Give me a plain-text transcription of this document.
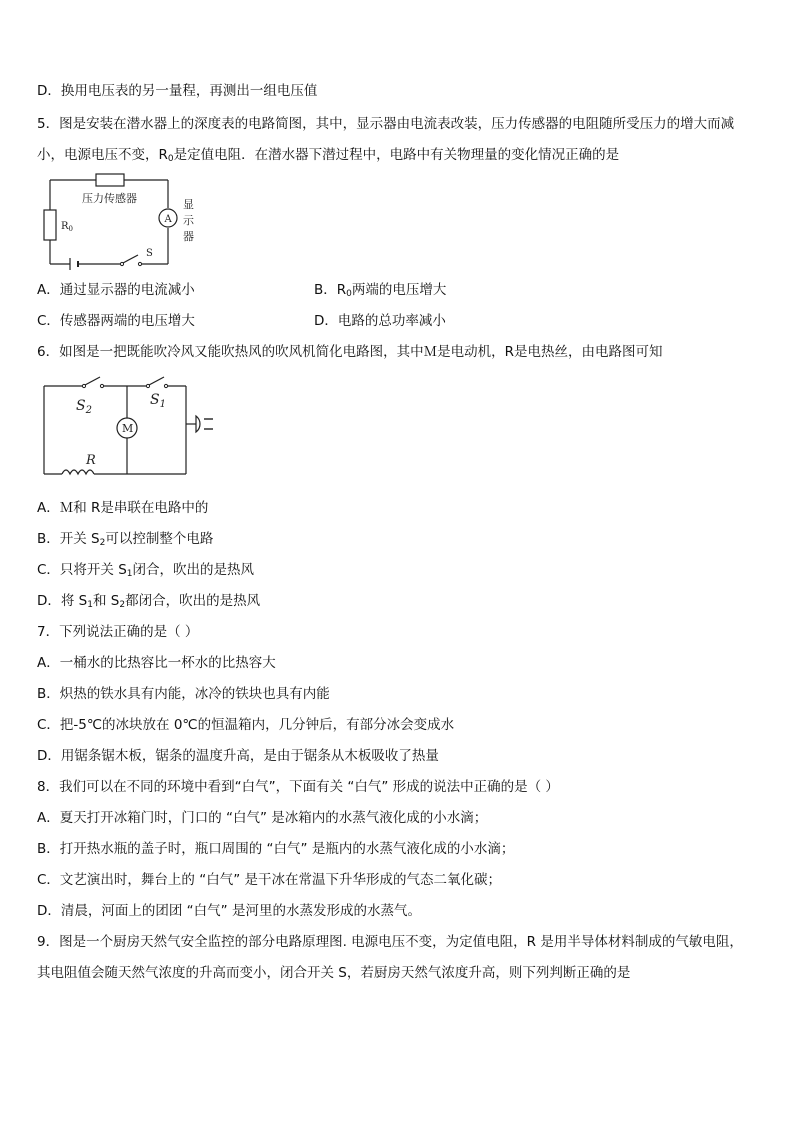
D．换用电压表的另一量程，再测出一组电压值
5．图是安装在潜水器上的深度表的电路简图，其中，显示器由电流表改装，压力传感器的电阻随所受压力的增大而减
小，电源电压不变，$R_0$是定值电阻．在潜水器下潜过程中，电路中有关物理量的变化情况正确的是
压力传感器
$R_0$
A
S
显
示
器
A．通过显示器的电流减小	B．$R_0$两端的电压增大
C．传感器两端的电压增大	D．电路的总功率减小
6．如图是一把既能吹冷风又能吹热风的吹风机简化电路图，其中Ｍ是电动机，R是电热丝，由电路图可知
$S_2$
$S_1$
M
R
A．Ｍ和 R是串联在电路中的
B．开关 $S_2$可以控制整个电路
C．只将开关 $S_1$闭合，吹出的是热风
D．将 $S_1$和 $S_2$都闭合，吹出的是热风
7．下列说法正确的是（ ）
A．一桶水的比热容比一杯水的比热容大
B．炽热的铁水具有内能，冰冷的铁块也具有内能
C．把-5℃的冰块放在 0℃的恒温箱内，几分钟后，有部分冰会变成水
D．用锯条锯木板，锯条的温度升高，是由于锯条从木板吸收了热量
8．我们可以在不同的环境中看到“白气”，下面有关 “白气” 形成的说法中正确的是（ ）
A．夏天打开冰箱门时，门口的 “白气” 是冰箱内的水蒸气液化成的小水滴；
B．打开热水瓶的盖子时，瓶口周围的 “白气” 是瓶内的水蒸气液化成的小水滴；
C．文艺演出时，舞台上的 “白气” 是干冰在常温下升华形成的气态二氧化碳；
D．清晨，河面上的团团 “白气” 是河里的水蒸发形成的水蒸气。
9．图是一个厨房天然气安全监控的部分电路原理图. 电源电压不变，为定值电阻，R 是用半导体材料制成的气敏电阻，
其电阻值会随天然气浓度的升高而变小，闭合开关 S，若厨房天然气浓度升高，则下列判断正确的是
